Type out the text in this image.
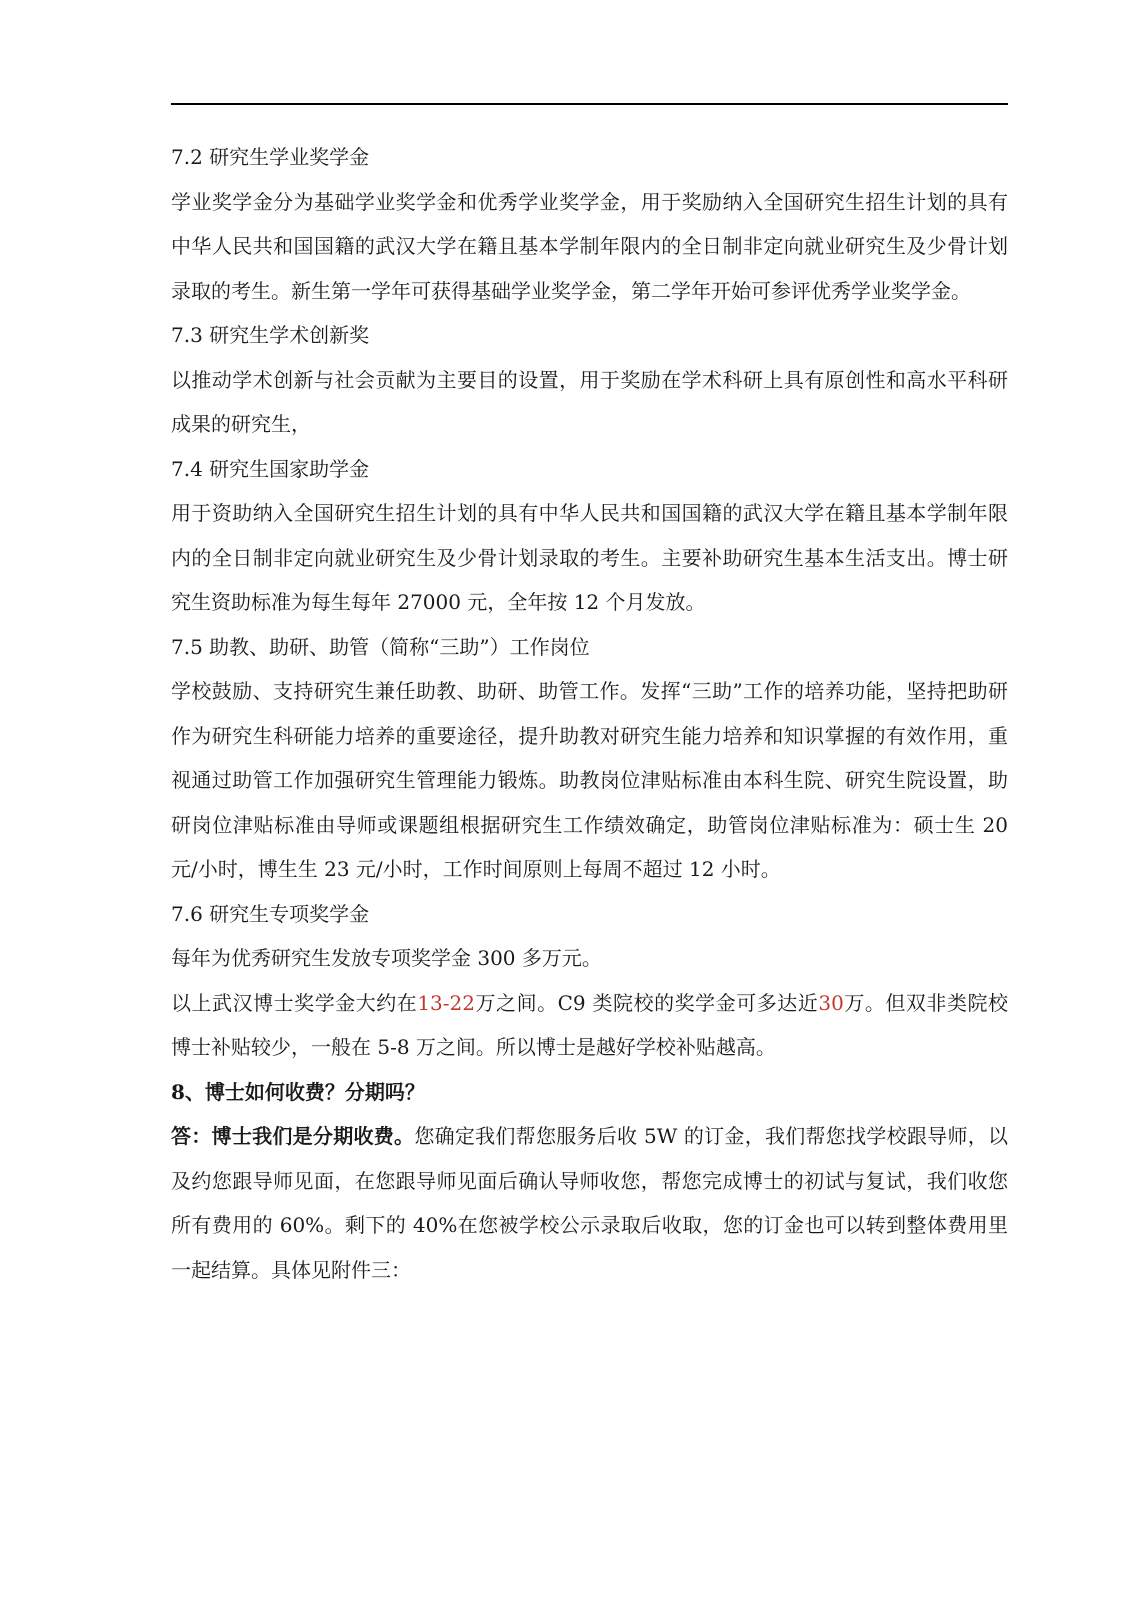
7.2 研究生学业奖学金

学业奖学金分为基础学业奖学金和优秀学业奖学金，用于奖励纳入全国研究生招生计划的具有中华人民共和国国籍的武汉大学在籍且基本学制年限内的全日制非定向就业研究生及少骨计划录取的考生。新生第一学年可获得基础学业奖学金，第二学年开始可参评优秀学业奖学金。

7.3 研究生学术创新奖

以推动学术创新与社会贡献为主要目的设置，用于奖励在学术科研上具有原创性和高水平科研成果的研究生，

7.4 研究生国家助学金

用于资助纳入全国研究生招生计划的具有中华人民共和国国籍的武汉大学在籍且基本学制年限内的全日制非定向就业研究生及少骨计划录取的考生。主要补助研究生基本生活支出。博士研究生资助标准为每生每年 27000 元，全年按 12 个月发放。

7.5 助教、助研、助管（简称“三助”）工作岗位

学校鼓励、支持研究生兼任助教、助研、助管工作。发挥“三助”工作的培养功能，坚持把助研作为研究生科研能力培养的重要途径，提升助教对研究生能力培养和知识掌握的有效作用，重视通过助管工作加强研究生管理能力锻炼。助教岗位津贴标准由本科生院、研究生院设置，助研岗位津贴标准由导师或课题组根据研究生工作绩效确定，助管岗位津贴标准为：硕士生 20 元/小时，博生生 23 元/小时，工作时间原则上每周不超过 12 小时。

7.6 研究生专项奖学金

每年为优秀研究生发放专项奖学金 300 多万元。

以上武汉博士奖学金大约在13-22万之间。C9 类院校的奖学金可多达近30万。但双非类院校博士补贴较少，一般在 5-8 万之间。所以博士是越好学校补贴越高。

8、博士如何收费？分期吗？

答：博士我们是分期收费。您确定我们帮您服务后收 5W 的订金，我们帮您找学校跟导师，以及约您跟导师见面，在您跟导师见面后确认导师收您，帮您完成博士的初试与复试，我们收您所有费用的 60%。剩下的 40%在您被学校公示录取后收取，您的订金也可以转到整体费用里一起结算。具体见附件三：
